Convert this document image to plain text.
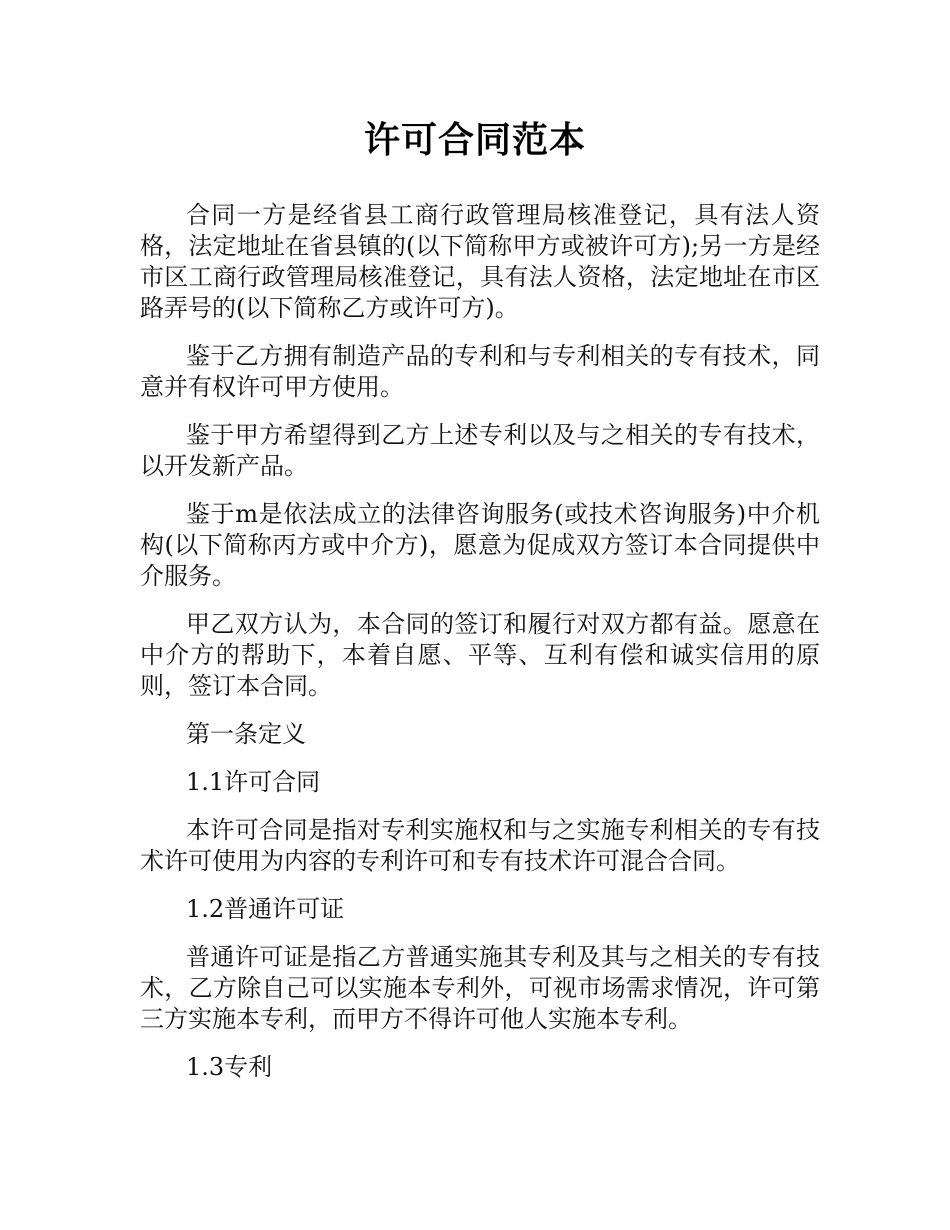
许可合同范本

合同一方是经省县工商行政管理局核准登记，具有法人资格，法定地址在省县镇的(以下简称甲方或被许可方);另一方是经市区工商行政管理局核准登记，具有法人资格，法定地址在市区路弄号的(以下简称乙方或许可方)。

鉴于乙方拥有制造产品的专利和与专利相关的专有技术，同意并有权许可甲方使用。

鉴于甲方希望得到乙方上述专利以及与之相关的专有技术，以开发新产品。

鉴于m是依法成立的法律咨询服务(或技术咨询服务)中介机构(以下简称丙方或中介方)，愿意为促成双方签订本合同提供中介服务。

甲乙双方认为，本合同的签订和履行对双方都有益。愿意在中介方的帮助下，本着自愿、平等、互利有偿和诚实信用的原则，签订本合同。

第一条定义

1.1许可合同

本许可合同是指对专利实施权和与之实施专利相关的专有技术许可使用为内容的专利许可和专有技术许可混合合同。

1.2普通许可证

普通许可证是指乙方普通实施其专利及其与之相关的专有技术，乙方除自己可以实施本专利外，可视市场需求情况，许可第三方实施本专利，而甲方不得许可他人实施本专利。

1.3专利
